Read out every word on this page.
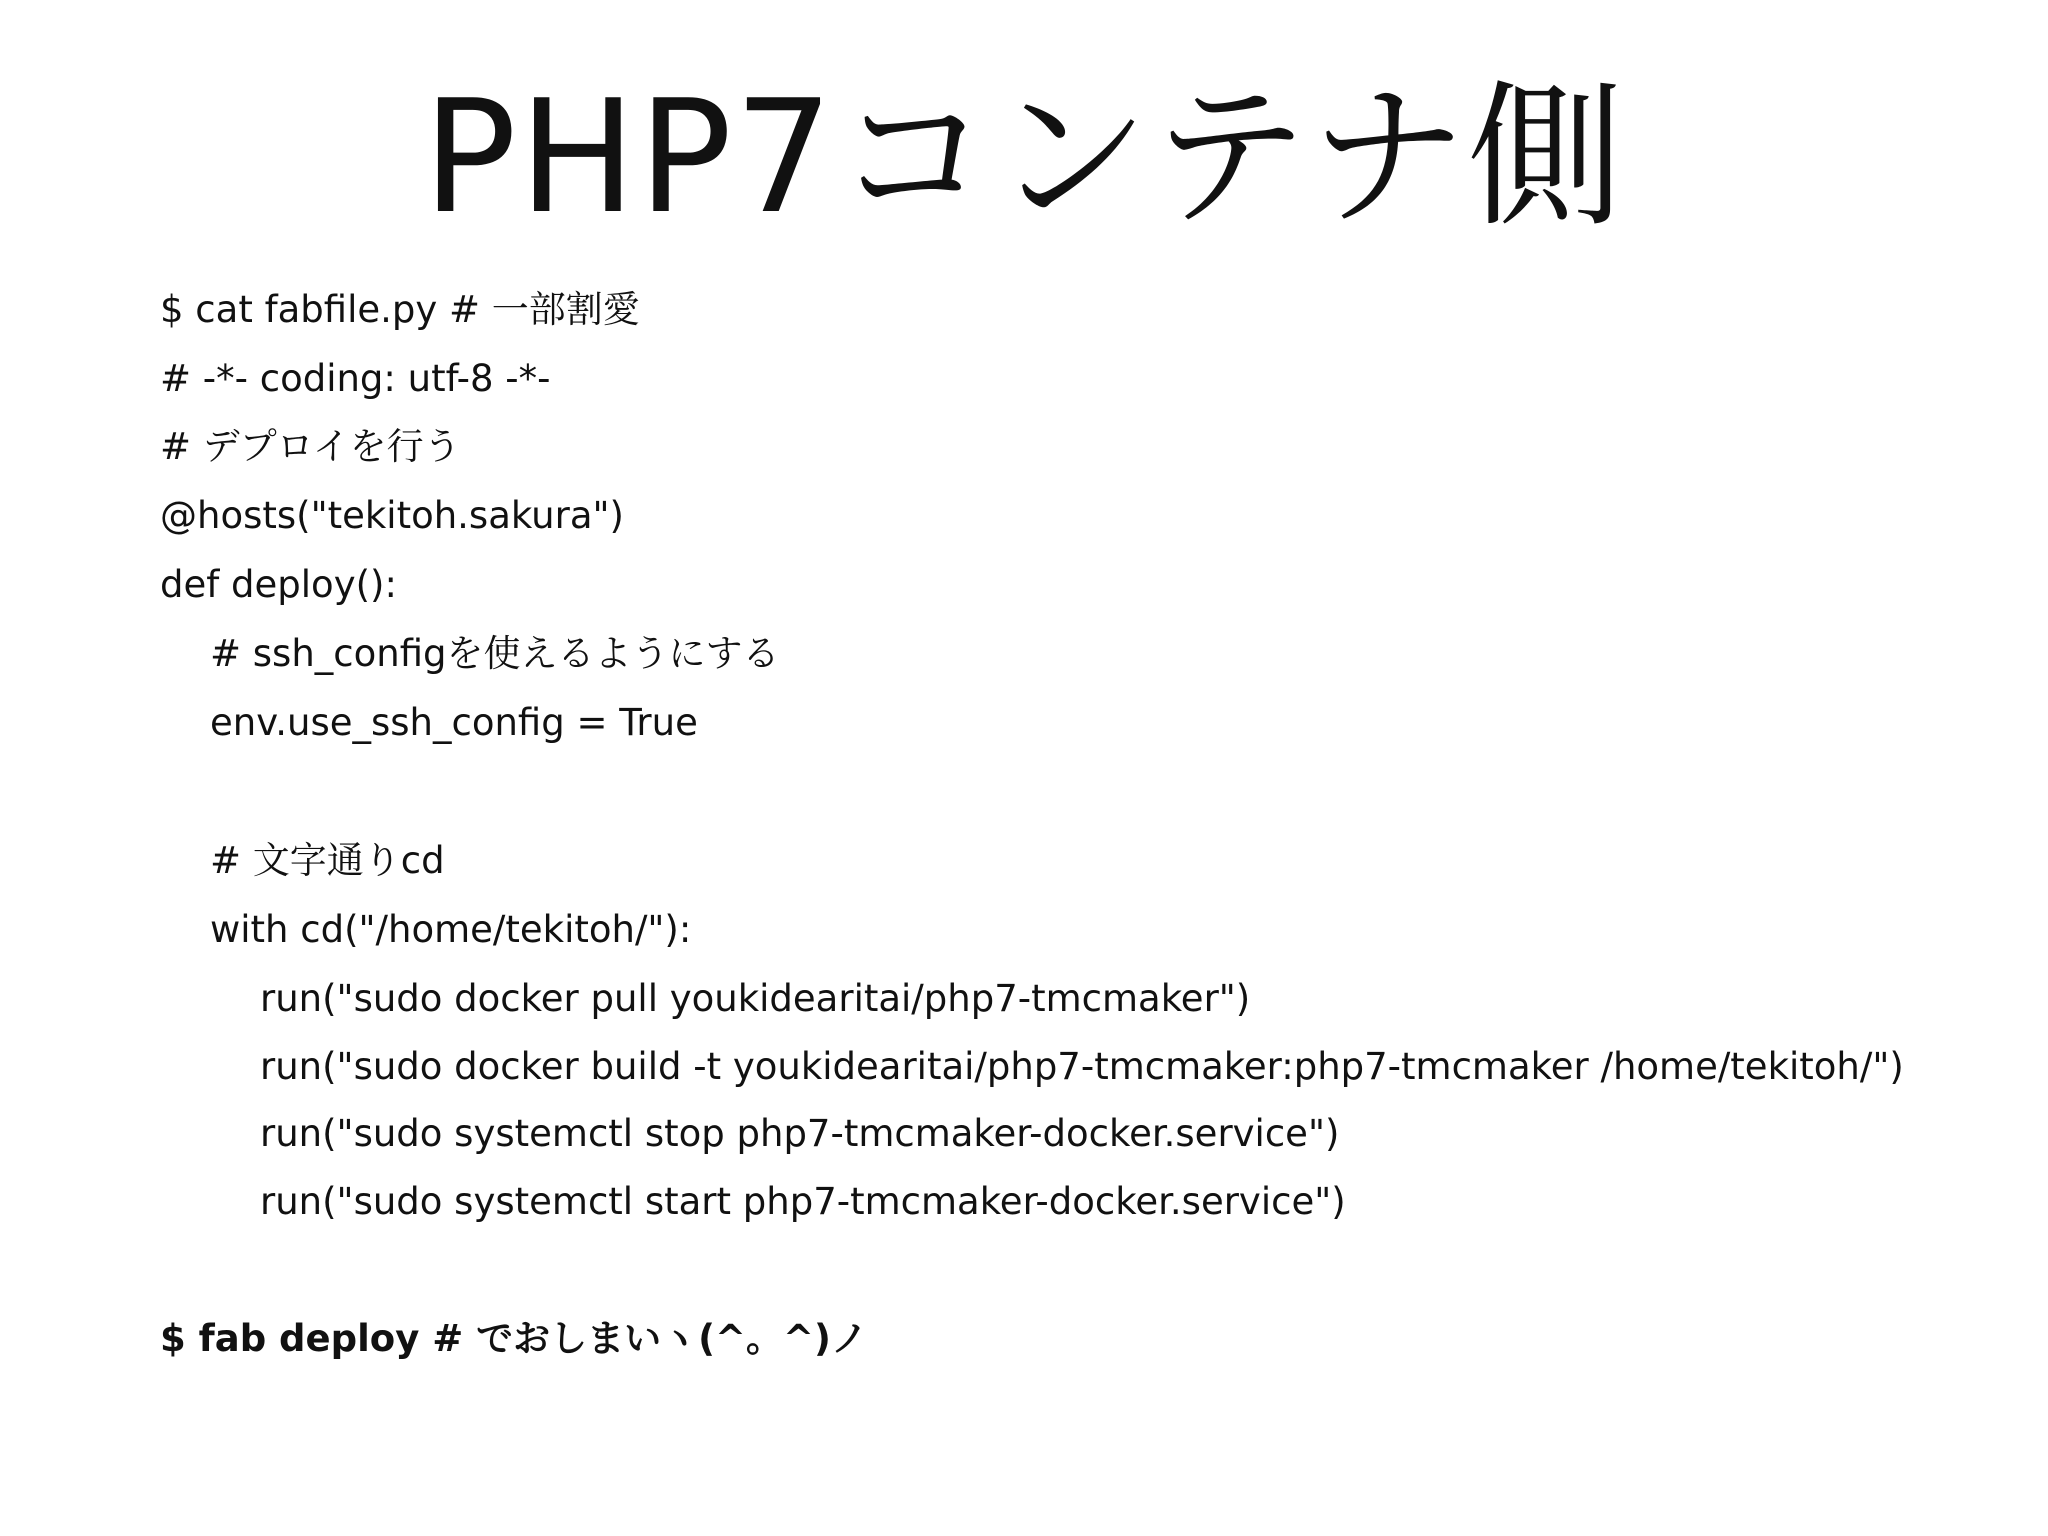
PHP7コンテナ側
$ cat fabfile.py # 一部割愛
# -*- coding: utf-8 -*-
# デプロイを行う
@hosts("tekitoh.sakura")
def deploy():
# ssh_configを使えるようにする
env.use_ssh_config = True
# 文字通りcd
with cd("/home/tekitoh/"):
run("sudo docker pull youkidearitai/php7-tmcmaker")
run("sudo docker build -t youkidearitai/php7-tmcmaker:php7-tmcmaker /home/tekitoh/")
run("sudo systemctl stop php7-tmcmaker-docker.service")
run("sudo systemctl start php7-tmcmaker-docker.service")
$ fab deploy # でおしまいヽ(^。^)ノ
